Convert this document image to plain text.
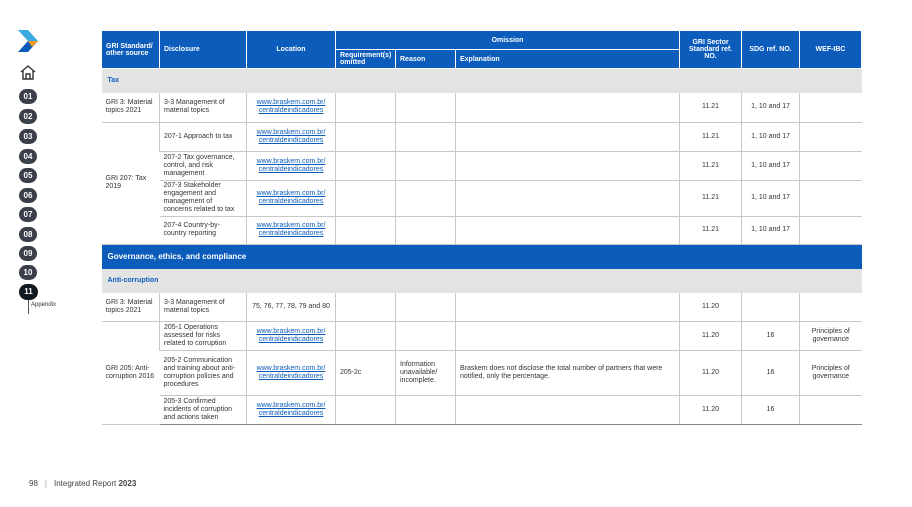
01
02
03
04
05
06
07
08
09
10
11
Appendix
GRI Standard/ other source	Disclosure	Location	Omission			GRI Sector Standard ref. NO.	SDG ref. NO.	WEF-IBC
			Requirement(s) omitted	Reason	Explanation			
Tax								
GRI 3: Material topics 2021	3-3 Management of material topics	www.braskem.com.br/ centraldeindicadores				11.21	1, 10 and 17	
GRI 207: Tax 2019	207-1 Approach to tax	www.braskem.com.br/ centraldeindicadores				11.21	1, 10 and 17	
	207-2 Tax governance, control, and risk management	www.braskem.com.br/ centraldeindicadores				11.21	1, 10 and 17	
	207-3 Stakeholder engagement and management of concerns related to tax	www.braskem.com.br/ centraldeindicadores				11.21	1, 10 and 17	
	207-4 Country-by-country reporting	www.braskem.com.br/ centraldeindicadores				11.21	1, 10 and 17	
Governance, ethics, and compliance								
Anti-corruption								
GRI 3: Material topics 2021	3-3 Management of material topics	75, 76, 77, 78, 79 and 80				11.20		
GRI 205: Anti-corruption 2016	205-1 Operations assessed for risks related to corruption	www.braskem.com.br/ centraldeindicadores				11.20	16	Principles of governance
	205-2 Communication and training about anti-corruption policies and procedures	www.braskem.com.br/ centraldeindicadores	205-2c	Information unavailable/ incomplete.	Braskem does not disclose the total number of partners that were notified, only the percentage.	11.20	16	Principles of governance
	205-3 Confirmed incidents of corruption and actions taken	www.braskem.com.br/ centraldeindicadores				11.20	16	
98 | Integrated Report 2023
